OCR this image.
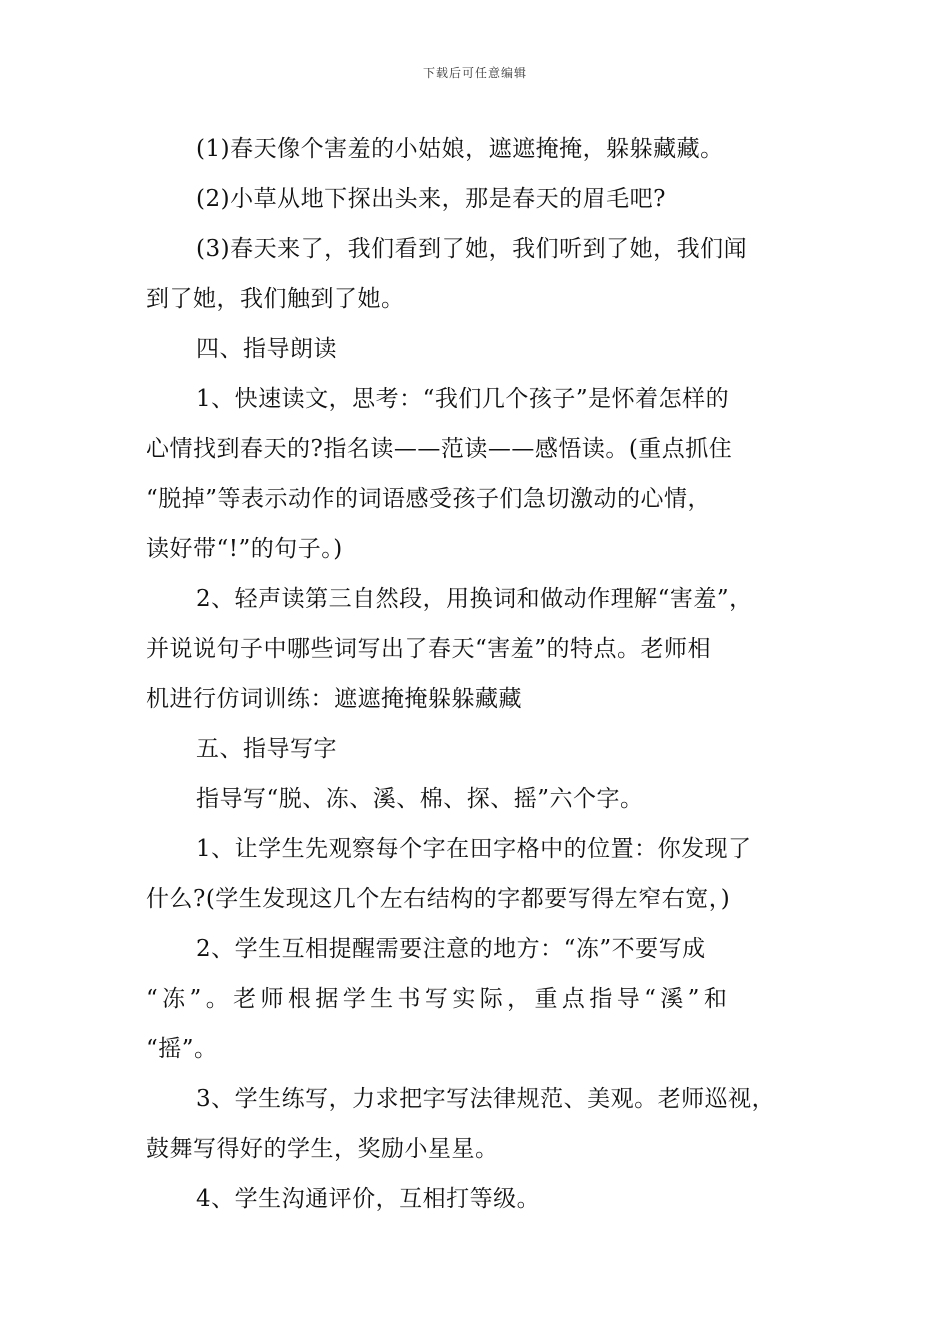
下载后可任意编辑
(1)春天像个害羞的小姑娘，遮遮掩掩，躲躲藏藏。
(2)小草从地下探出头来，那是春天的眉毛吧?
(3)春天来了，我们看到了她，我们听到了她，我们闻
到了她，我们触到了她。
四、指导朗读
1、快速读文，思考：“我们几个孩子”是怀着怎样的
心情找到春天的?指名读——范读——感悟读。(重点抓住
“脱掉”等表示动作的词语感受孩子们急切激动的心情，
读好带“!”的句子。)
2、轻声读第三自然段，用换词和做动作理解“害羞”，
并说说句子中哪些词写出了春天“害羞”的特点。老师相
机进行仿词训练：遮遮掩掩躲躲藏藏
五、指导写字
指导写“脱、冻、溪、棉、探、摇”六个字。
1、让学生先观察每个字在田字格中的位置：你发现了
什么?(学生发现这几个左右结构的字都要写得左窄右宽，)
2、学生互相提醒需要注意的地方：“冻”不要写成
“冻”。老师根据学生书写实际，重点指导“溪”和
“摇”。
3、学生练写，力求把字写法律规范、美观。老师巡视，
鼓舞写得好的学生，奖励小星星。
4、学生沟通评价，互相打等级。
